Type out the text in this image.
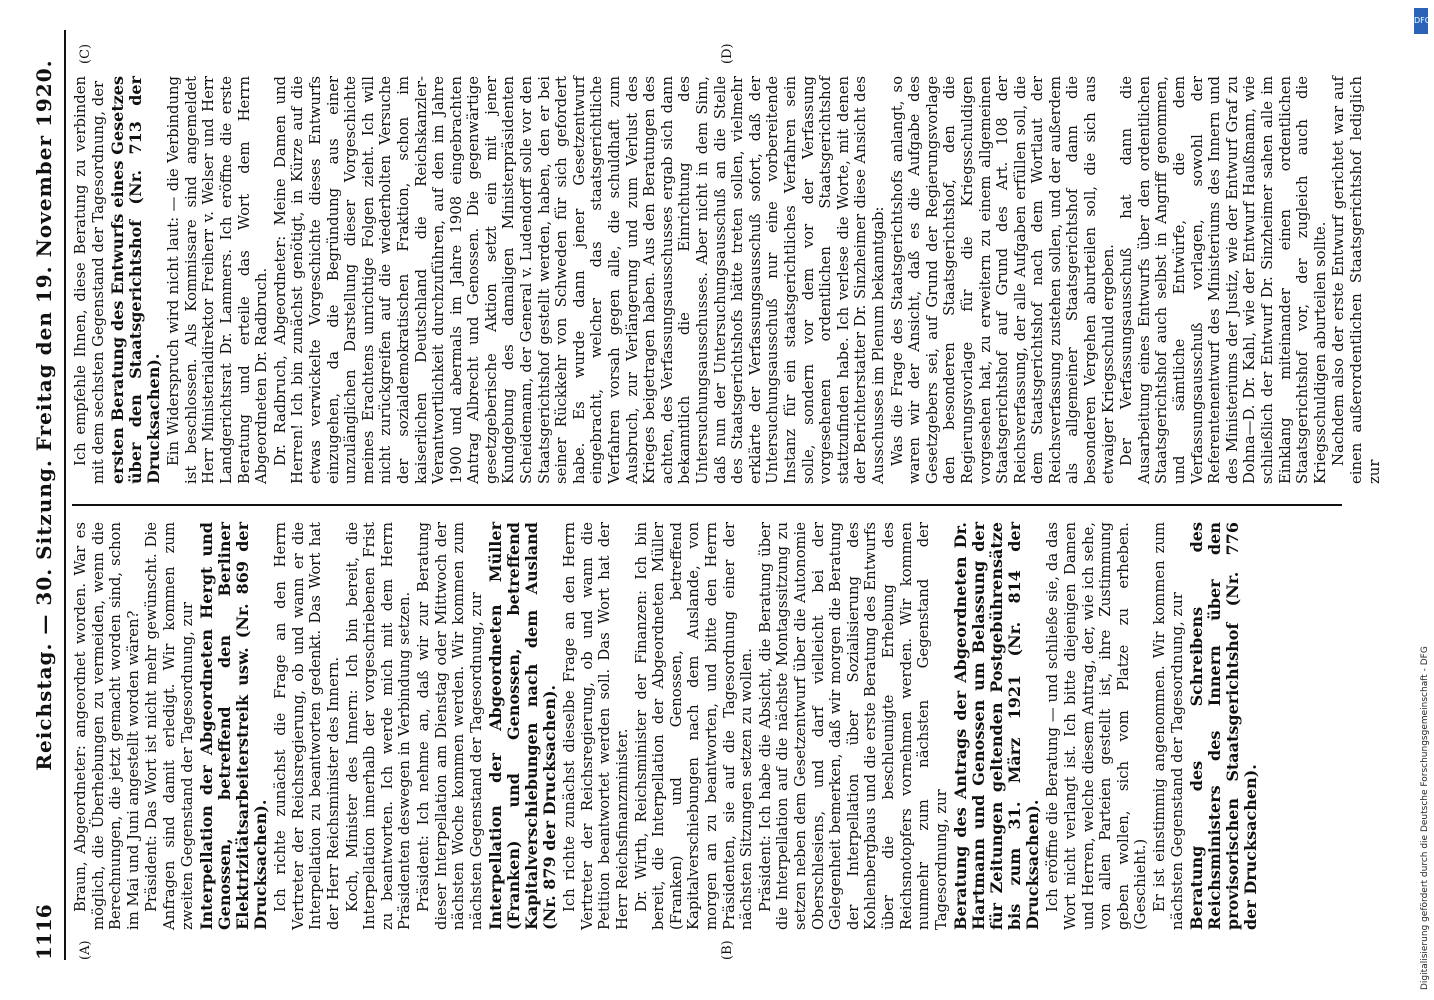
1116
Reichstag. — 30. Sitzung. Freitag den 19. November 1920.
(A)	(B)
(C)	(D)

Braun, Abgeordneter: angeordnet worden. War es möglich, die Überhebungen zu vermeiden, wenn die Berechnungen, die jetzt gemacht worden sind, schon im Mai und Juni angestellt worden wären? Präsident: Das Wort ist nicht mehr gewünscht. Die Anfragen sind damit erledigt. Wir kommen zum zweiten Gegenstand der Tagesordnung, zur Interpellation der Abgeordneten Hergt und Genossen, betreffend den Berliner Elektrizitätsarbeiterstreik usw. (Nr. 869 der Drucksachen). Ich richte zunächst die Frage an den Herrn Vertreter der Reichsregierung, ob und wann er die Interpellation zu beantworten gedenkt. Das Wort hat der Herr Reichsminister des Innern. Koch, Minister des Innern: Ich bin bereit, die Interpellation innerhalb der vorgeschriebenen Frist zu beantworten. Ich werde mich mit dem Herrn Präsidenten deswegen in Verbindung setzen. Präsident: Ich nehme an, daß wir zur Beratung dieser Interpellation am Dienstag oder Mittwoch der nächsten Woche kommen werden. Wir kommen zum nächsten Gegenstand der Tagesordnung, zur Interpellation der Abgeordneten Müller (Franken) und Genossen, betreffend Kapitalverschiebungen nach dem Ausland (Nr. 879 der Drucksachen). Ich richte zunächst dieselbe Frage an den Herrn Vertreter der Reichsregierung, ob und wann die Petition beantwortet werden soll. Das Wort hat der Herr Reichsfinanzminister. Dr. Wirth, Reichsminister der Finanzen: Ich bin bereit, die Interpellation der Abgeordneten Müller (Franken) und Genossen, betreffend Kapitalverschiebungen nach dem Auslande, von morgen an zu beantworten, und bitte den Herrn Präsidenten, sie auf die Tagesordnung einer der nächsten Sitzungen setzen zu wollen. Präsident: Ich habe die Absicht, die Beratung über die Interpellation auf die nächste Montagssitzung zu setzen neben dem Gesetzentwurf über die Autonomie Oberschlesiens, und darf vielleicht bei der Gelegenheit bemerken, daß wir morgen die Beratung der Interpellation über Sozialisierung des Kohlenbergbaus und die erste Beratung des Entwurfs über die beschleunigte Erhebung des Reichsnotopfers vornehmen werden. Wir kommen nunmehr zum nächsten Gegenstand der Tagesordnung, zur Beratung des Antrags der Abgeordneten Dr. Hartmann und Genossen um Belassung der für Zeitungen geltenden Postgebührensätze bis zum 31. März 1921 (Nr. 814 der Drucksachen). Ich eröffne die Beratung — und schließe sie, da das Wort nicht verlangt ist. Ich bitte diejenigen Damen und Herren, welche diesem Antrag, der, wie ich sehe, von allen Parteien gestellt ist, ihre Zustimmung geben wollen, sich vom Platze zu erheben. (Geschieht.) Er ist einstimmig angenommen. Wir kommen zum nächsten Gegenstand der Tagesordnung, zur Beratung des Schreibens des Reichsministers des Innern über den provisorischen Staatsgerichtshof (Nr. 776 der Drucksachen).

Ich empfehle Ihnen, diese Beratung zu verbinden mit dem sechsten Gegenstand der Tagesordnung, der ersten Beratung des Entwurfs eines Gesetzes über den Staatsgerichtshof (Nr. 713 der Drucksachen). Ein Widerspruch wird nicht laut: — die Verbindung ist beschlossen. Als Kommissare sind angemeldet Herr Ministerialdirektor Freiherr v. Welser und Herr Landgerichtsrat Dr. Lammers. Ich eröffne die erste Beratung und erteile das Wort dem Herrn Abgeordneten Dr. Radbruch. Dr. Radbruch, Abgeordneter: Meine Damen und Herren! Ich bin zunächst genötigt, in Kürze auf die etwas verwickelte Vorgeschichte dieses Entwurfs einzugehen, da die Begründung aus einer unzulänglichen Darstellung dieser Vorgeschichte meines Erachtens unrichtige Folgen zieht. Ich will nicht zurückgreifen auf die wiederholten Versuche der sozialdemokratischen Fraktion, schon im kaiserlichen Deutschland die Reichskanzler-Verantwortlichkeit durchzuführen, auf den im Jahre 1900 und abermals im Jahre 1908 eingebrachten Antrag Albrecht und Genossen. Die gegenwärtige gesetzgeberische Aktion setzt ein mit jener Kundgebung des damaligen Ministerpräsidenten Scheidemann, der General v. Ludendorff solle vor den Staatsgerichtshof gestellt werden, haben, den er bei seiner Rückkehr von Schweden für sich gefordert habe. Es wurde dann jener Gesetzentwurf eingebracht, welcher das staatsgerichtliche Verfahren vorsah gegen alle, die schuldhaft zum Ausbruch, zur Verlängerung und zum Verlust des Krieges beigetragen haben. Aus den Beratungen des achten, des Verfassungsausschusses ergab sich dann bekanntlich die Einrichtung des Untersuchungsausschusses. Aber nicht in dem Sinn, daß nun der Untersuchungsausschuß an die Stelle des Staatsgerichtshofs hätte treten sollen, vielmehr erklärte der Verfassungsausschuß sofort, daß der Untersuchungsausschuß nur eine vorbereitende Instanz für ein staatsgerichtliches Verfahren sein solle, sondern vor dem vor der Verfassung vorgesehenen ordentlichen Staatsgerichtshof stattzufinden habe. Ich verlese die Worte, mit denen der Berichterstatter Dr. Sinzheimer diese Ansicht des Ausschusses im Plenum bekanntgab: Was die Frage des Staatsgerichtshofs anlangt, so waren wir der Ansicht, daß es die Aufgabe des Gesetzgebers sei, auf Grund der Regierungsvorlage den besonderen Staatsgerichtshof, den die Regierungsvorlage für die Kriegsschuldigen vorgesehen hat, zu erweitern zu einem allgemeinen Staatsgerichtshof auf Grund des Art. 108 der Reichsverfassung, der alle Aufgaben erfüllen soll, die dem Staatsgerichtshof nach dem Wortlaut der Reichsverfassung zustehen sollen, und der außerdem als allgemeiner Staatsgerichtshof dann die besonderen Vergehen aburteilen soll, die sich aus etwaiger Kriegsschuld ergeben. Der Verfassungsausschuß hat dann die Ausarbeitung eines Entwurfs über den ordentlichen Staatsgerichtshof auch selbst in Angriff genommen, und sämtliche Entwürfe, die dem Verfassungsausschuß vorlagen, sowohl der Referentenentwurf des Ministeriums des Innern und des Ministeriums der Justiz, wie der Entwurf Graf zu Dohna—D. Dr. Kahl, wie der Entwurf Haußmann, wie schließlich der Entwurf Dr. Sinzheimer sahen alle im Einklang miteinander einen ordentlichen Staatsgerichtshof vor, der zugleich auch die Kriegsschuldigen aburteilen sollte. Nachdem also der erste Entwurf gerichtet war auf einen außerordentlichen Staatsgerichtshof lediglich zur

DFG
Digitalisierung gefördert durch die Deutsche Forschungsgemeinschaft - DFG
